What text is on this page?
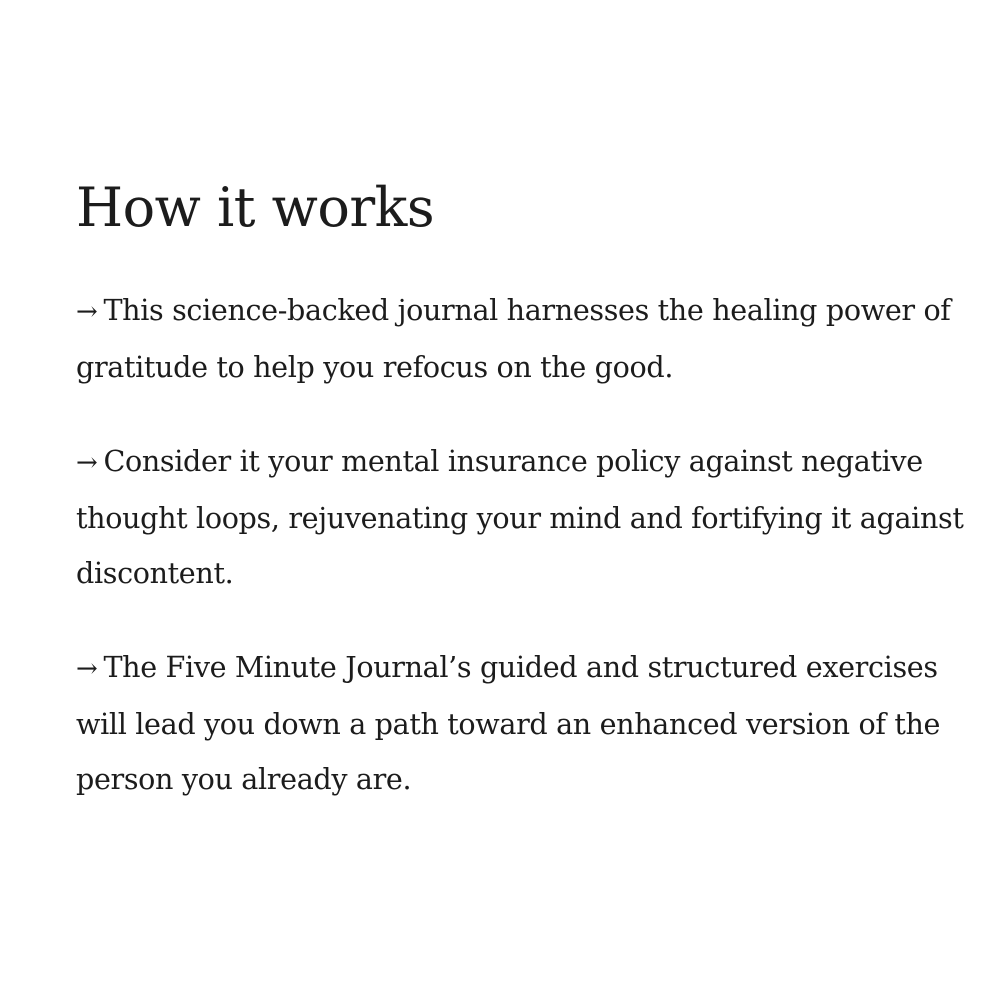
How it works
→ This science-backed journal harnesses the healing power of gratitude to help you refocus on the good.
→ Consider it your mental insurance policy against negative thought loops, rejuvenating your mind and fortifying it against discontent.
→ The Five Minute Journal’s guided and structured exercises will lead you down a path toward an enhanced version of the person you already are.
